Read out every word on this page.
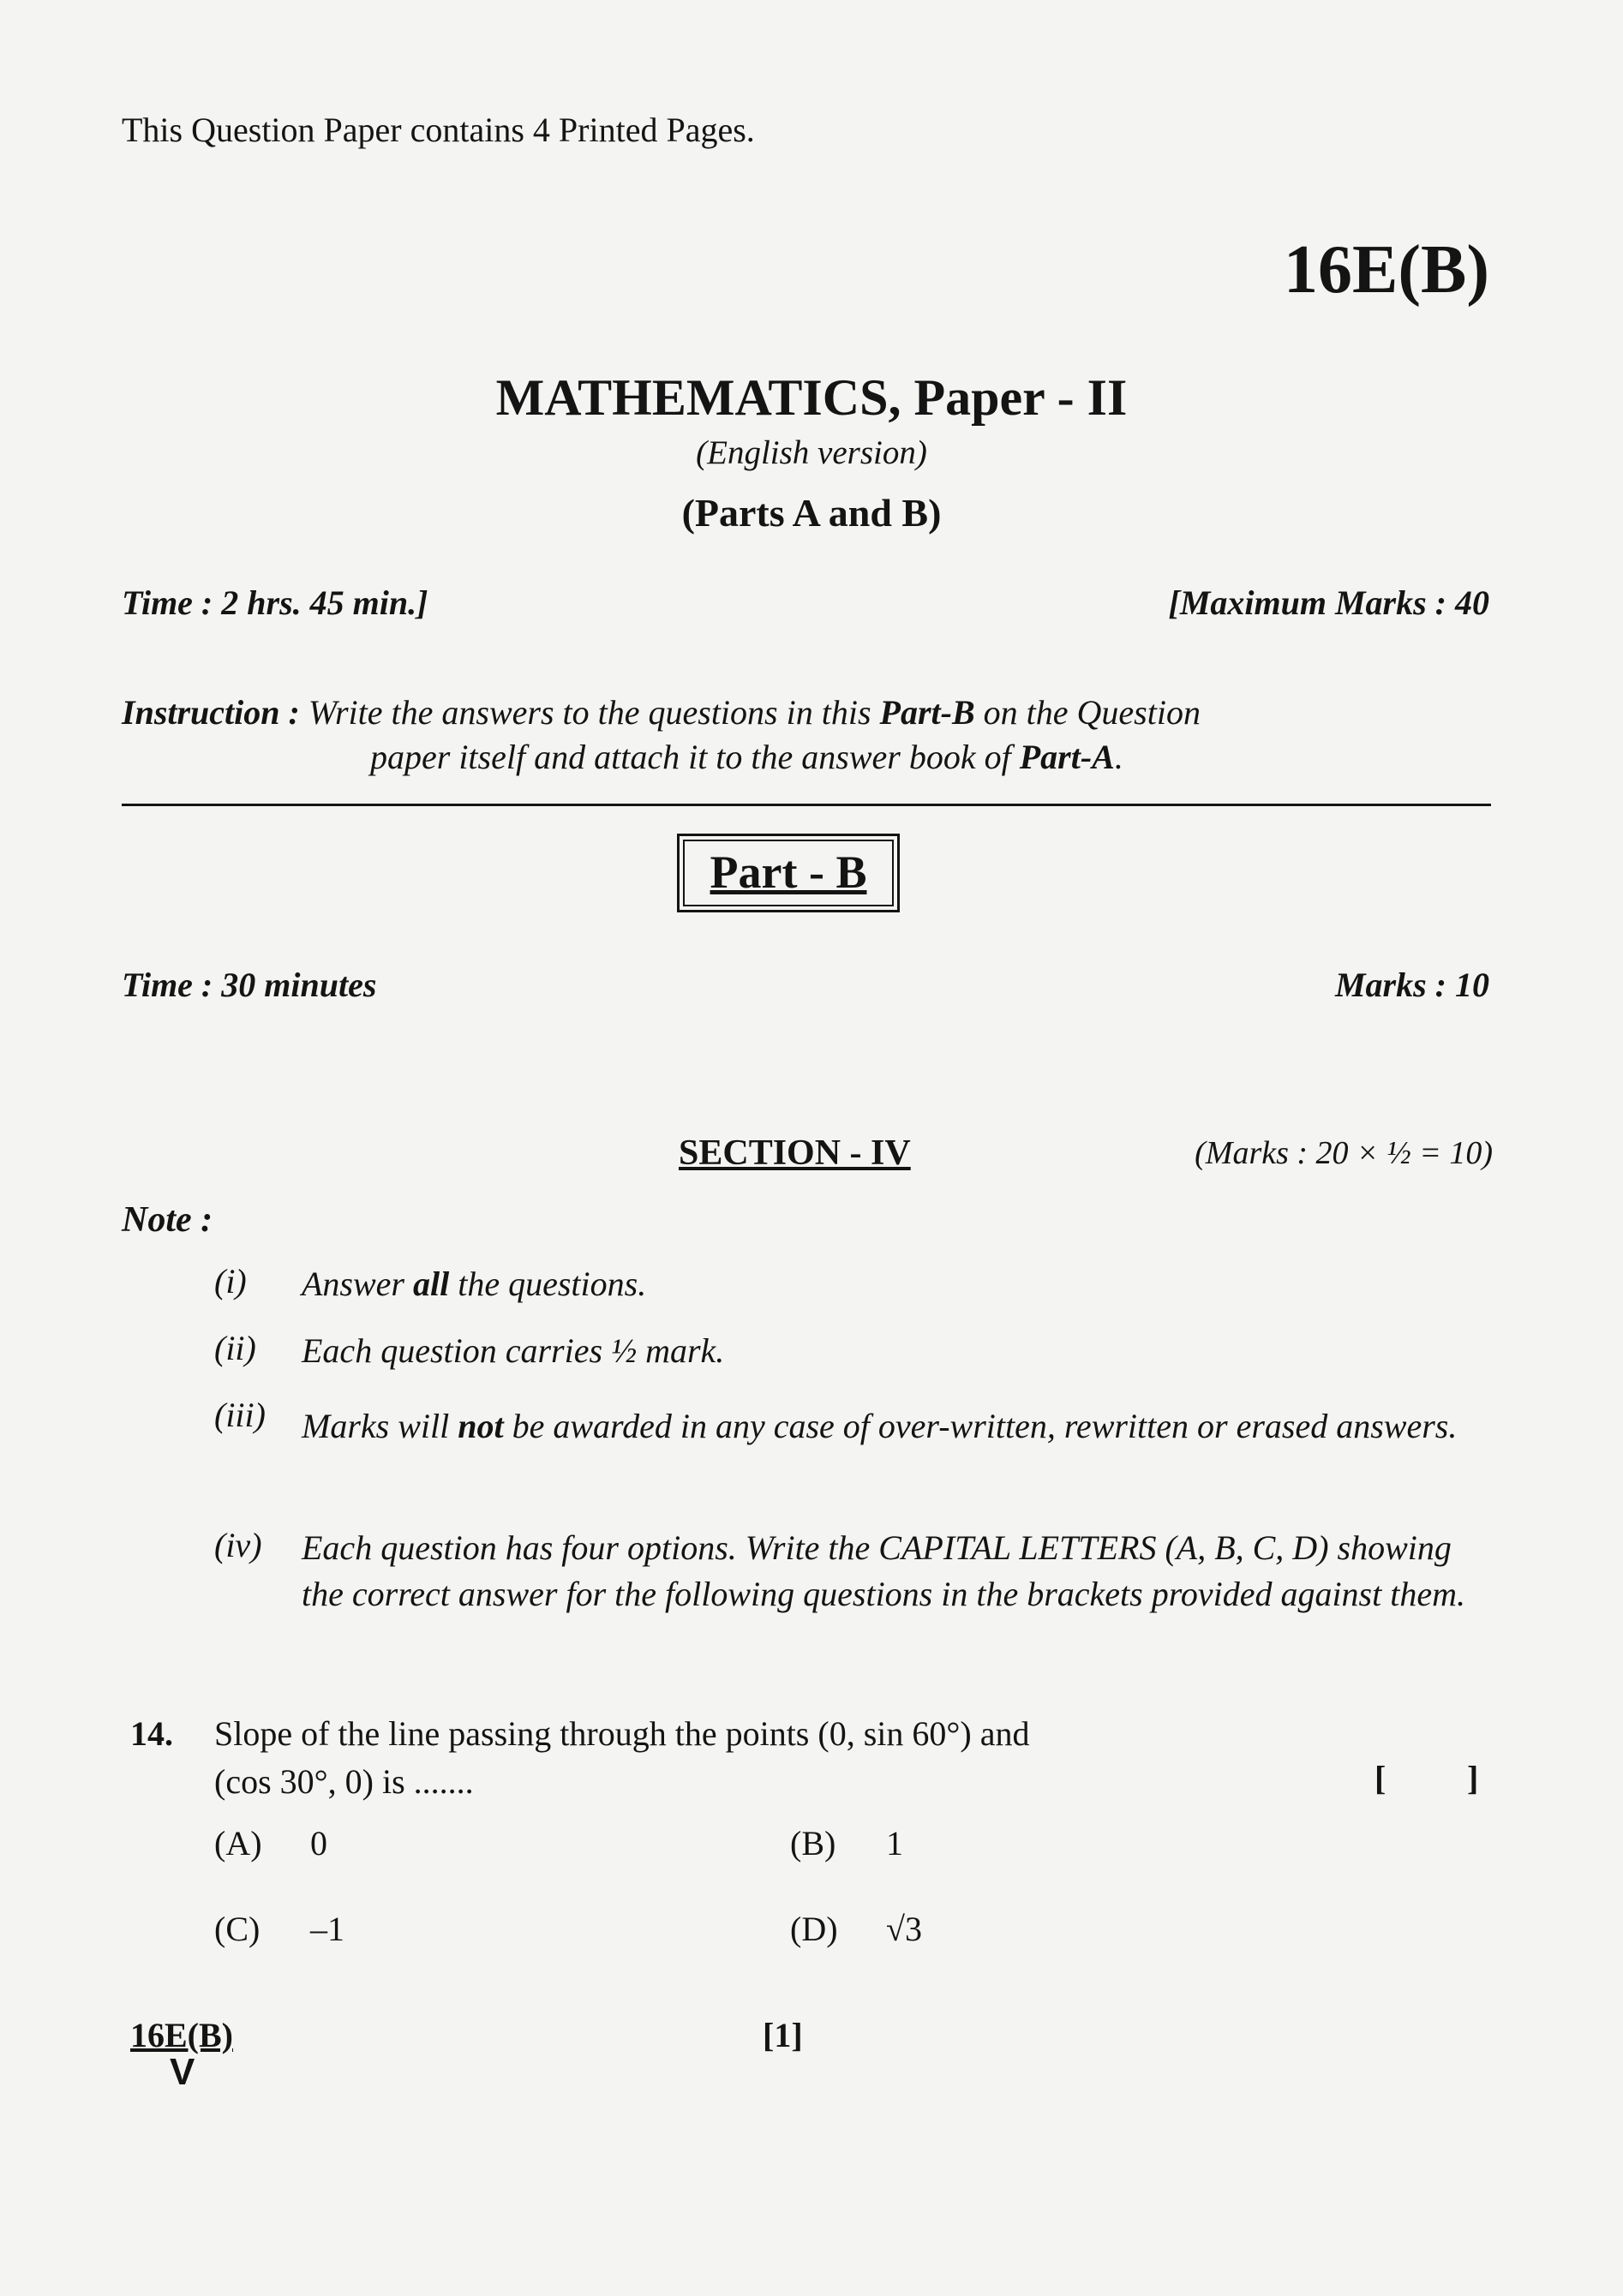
This Question Paper contains 4 Printed Pages.
16E(B)
MATHEMATICS, Paper - II
(English version)
(Parts A and B)
Time : 2 hrs. 45 min.]	[Maximum Marks : 40
Instruction : Write the answers to the questions in this Part-B on the Question
paper itself and attach it to the answer book of Part-A.
Part - B
Time : 30 minutes	Marks : 10
SECTION - IV	(Marks : 20 × ½ = 10)
Note :
(i) Answer all the questions.
(ii) Each question carries ½ mark.
(iii) Marks will not be awarded in any case of over-written, rewritten or erased answers.
(iv) Each question has four options. Write the CAPITAL LETTERS (A, B, C, D) showing the correct answer for the following questions in the brackets provided against them.
14. Slope of the line passing through the points (0, sin 60°) and
(cos 30°, 0) is .......	[ ]
(A) 0	(B) 1
(C) –1	(D) √3
16E(B)
V
[1]
